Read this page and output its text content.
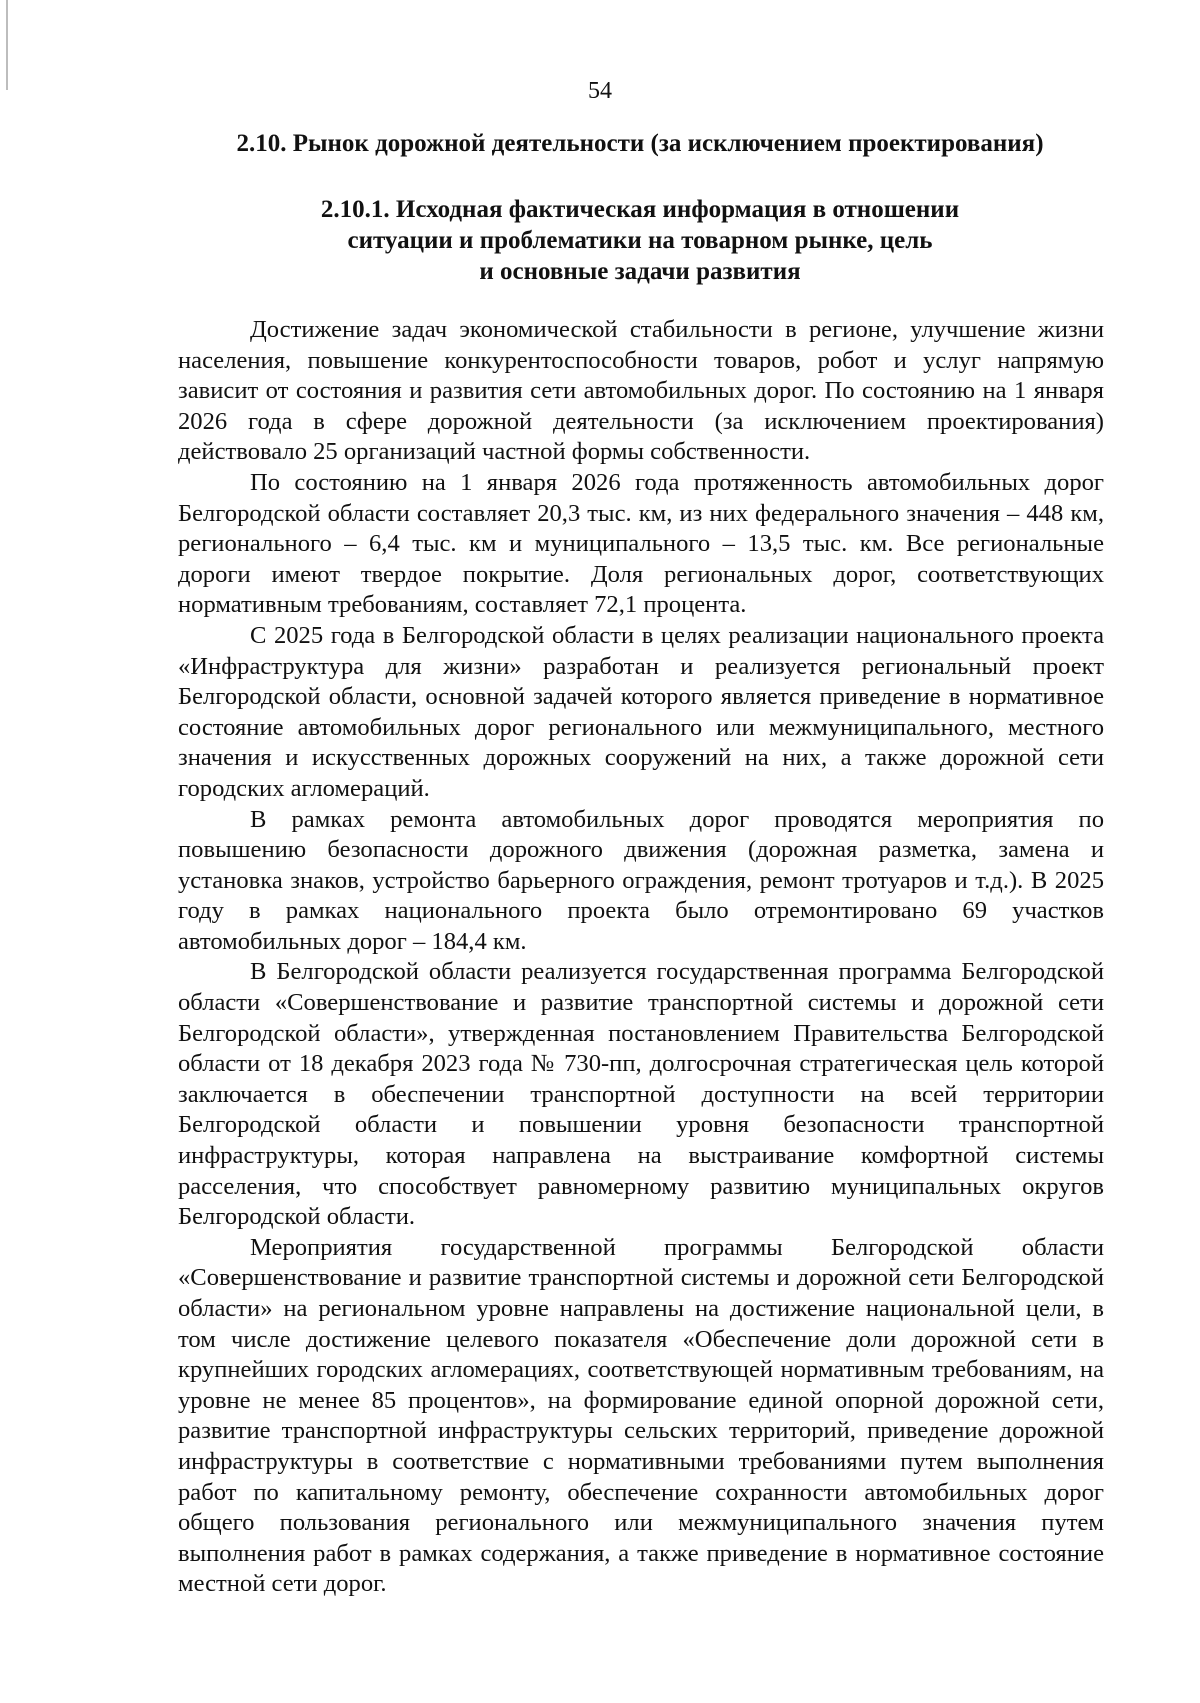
54
2.10. Рынок дорожной деятельности (за исключением проектирования)
2.10.1. Исходная фактическая информация в отношении
ситуации и проблематики на товарном рынке, цель
и основные задачи развития

Достижение задач экономической стабильности в регионе, улучшение жизни населения, повышение конкурентоспособности товаров, робот и услуг напрямую зависит от состояния и развития сети автомобильных дорог. По состоянию на 1 января 2026 года в сфере дорожной деятельности (за исключением проектирования) действовало 25 организаций частной формы собственности.

По состоянию на 1 января 2026 года протяженность автомобильных дорог Белгородской области составляет 20,3 тыс. км, из них федерального значения – 448 км, регионального – 6,4 тыс. км и муниципального – 13,5 тыс. км. Все региональные дороги имеют твердое покрытие. Доля региональных дорог, соответствующих нормативным требованиям, составляет 72,1 процента.

С 2025 года в Белгородской области в целях реализации национального проекта «Инфраструктура для жизни» разработан и реализуется региональный проект Белгородской области, основной задачей которого является приведение в нормативное состояние автомобильных дорог регионального или межмуниципального, местного значения и искусственных дорожных сооружений на них, а также дорожной сети городских агломераций.

В рамках ремонта автомобильных дорог проводятся мероприятия по повышению безопасности дорожного движения (дорожная разметка, замена и установка знаков, устройство барьерного ограждения, ремонт тротуаров и т.д.). В 2025 году в рамках национального проекта было отремонтировано 69 участков автомобильных дорог – 184,4 км.

В Белгородской области реализуется государственная программа Белгородской области «Совершенствование и развитие транспортной системы и дорожной сети Белгородской области», утвержденная постановлением Правительства Белгородской области от 18 декабря 2023 года № 730-пп, долгосрочная стратегическая цель которой заключается в обеспечении транспортной доступности на всей территории Белгородской области и повышении уровня безопасности транспортной инфраструктуры, которая направлена на выстраивание комфортной системы расселения, что способствует равномерному развитию муниципальных округов Белгородской области.

Мероприятия государственной программы Белгородской области «Совершенствование и развитие транспортной системы и дорожной сети Белгородской области» на региональном уровне направлены на достижение национальной цели, в том числе достижение целевого показателя «Обеспечение доли дорожной сети в крупнейших городских агломерациях, соответствующей нормативным требованиям, на уровне не менее 85 процентов», на формирование единой опорной дорожной сети, развитие транспортной инфраструктуры сельских территорий, приведение дорожной инфраструктуры в соответствие с нормативными требованиями путем выполнения работ по капитальному ремонту, обеспечение сохранности автомобильных дорог общего пользования регионального или межмуниципального значения путем выполнения работ в рамках содержания, а также приведение в нормативное состояние местной сети дорог.
